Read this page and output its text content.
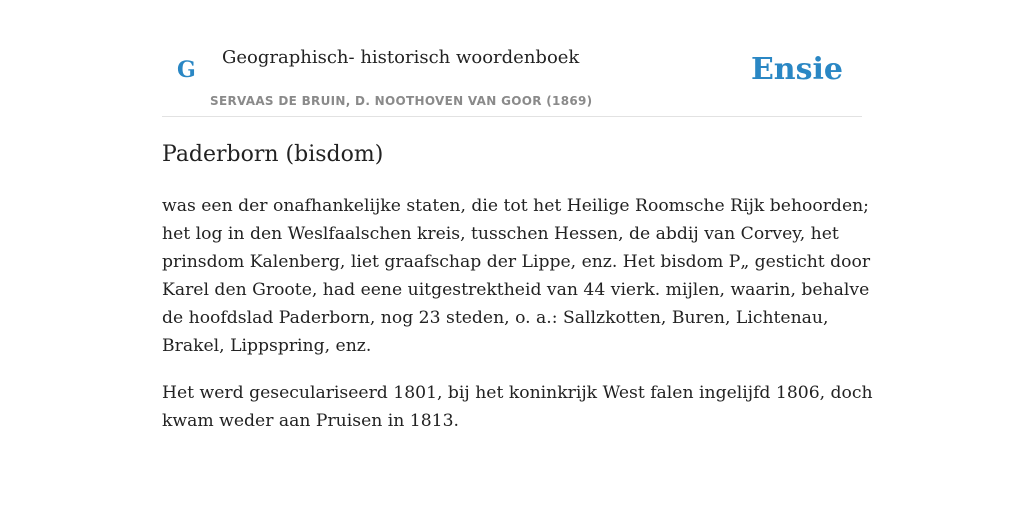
G Geographisch- historisch woordenboek
SERVAAS DE BRUIN, D. NOOTHOVEN VAN GOOR (1869)
Ensie
Paderborn (bisdom)

was een der onafhankelijke staten, die tot het Heilige Roomsche Rijk behoorden;
het log in den Weslfaalschen kreis, tusschen Hessen, de abdij van Corvey, het
prinsdom Kalenberg, liet graafschap der Lippe, enz. Het bisdom P„ gesticht door
Karel den Groote, had eene uitgestrektheid van 44 vierk. mijlen, waarin, behalve
de hoofdslad Paderborn, nog 23 steden, o. a.: Sallzkotten, Buren, Lichtenau,
Brakel, Lippspring, enz.

Het werd geseculariseerd 1801, bij het koninkrijk West falen ingelijfd 1806, doch
kwam weder aan Pruisen in 1813.
